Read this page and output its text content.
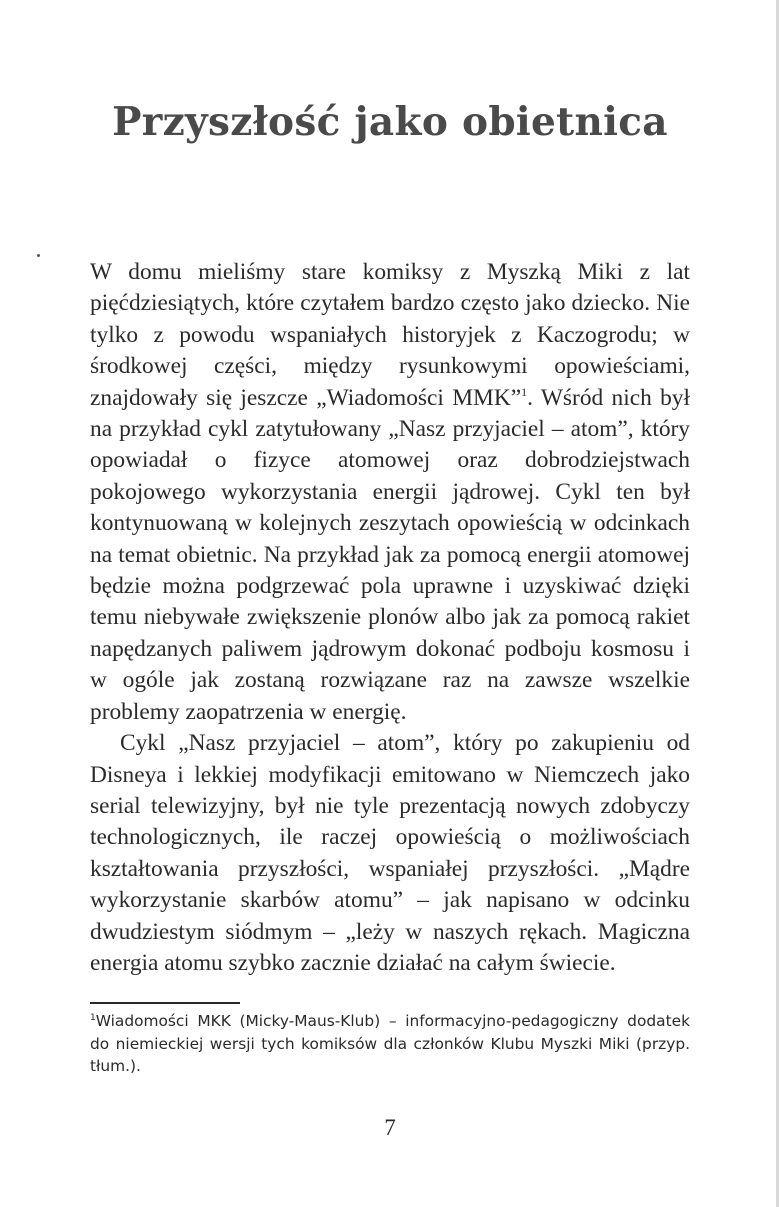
Przyszłość jako obietnica

W domu mieliśmy stare komiksy z Myszką Miki z lat pięćdziesiątych, które czytałem bardzo często jako dziecko. Nie tylko z powodu wspaniałych historyjek z Kaczogrodu; w środkowej części, między rysunkowymi opowieściami, znajdowały się jeszcze „Wiadomości MMK”$^1$. Wśród nich był na przykład cykl zatytułowany „Nasz przyjaciel – atom”, który opowiadał o fizyce atomowej oraz dobrodziejstwach pokojowego wykorzystania energii jądrowej. Cykl ten był kontynuowaną w kolejnych zeszytach opowieścią w odcinkach na temat obietnic. Na przykład jak za pomocą energii atomowej będzie można podgrzewać pola uprawne i uzyskiwać dzięki temu niebywałe zwiększenie plonów albo jak za pomocą rakiet napędzanych paliwem jądrowym dokonać podboju kosmosu i w ogóle jak zostaną rozwiązane raz na zawsze wszelkie problemy zaopatrzenia w energię.

Cykl „Nasz przyjaciel – atom”, który po zakupieniu od Disneya i lekkiej modyfikacji emitowano w Niemczech jako serial telewizyjny, był nie tyle prezentacją nowych zdobyczy technologicznych, ile raczej opowieścią o możliwościach kształtowania przyszłości, wspaniałej przyszłości. „Mądre wykorzystanie skarbów atomu” – jak napisano w odcinku dwudziestym siódmym – „leży w naszych rękach. Magiczna energia atomu szybko zacznie działać na całym świecie.

$^1$Wiadomości MKK (Micky-Maus-Klub) – informacyjno-pedagogiczny dodatek do niemieckiej wersji tych komiksów dla członków Klubu Myszki Miki (przyp. tłum.).
7
